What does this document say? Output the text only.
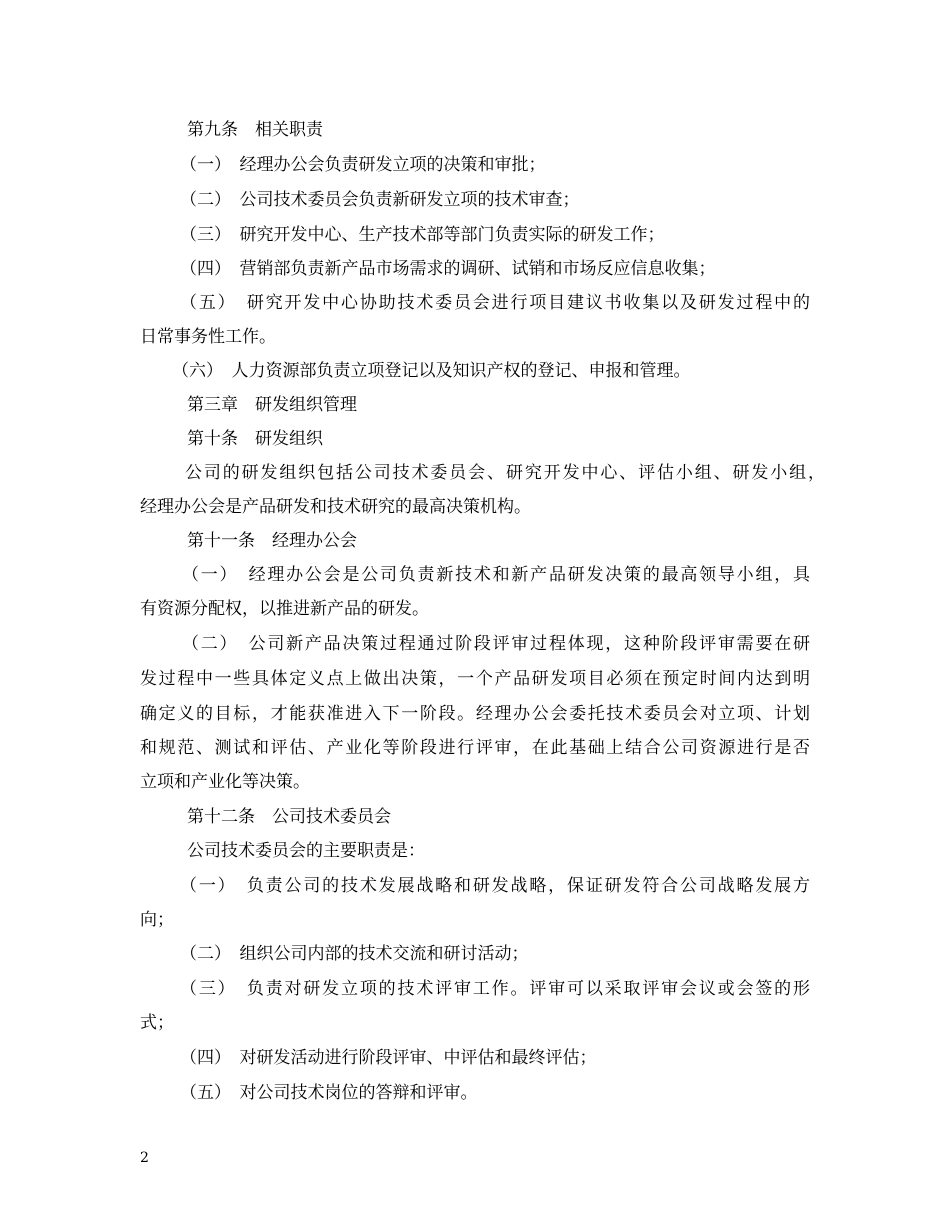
第九条　相关职责
（一）　经理办公会负责研发立项的决策和审批；
（二）　公司技术委员会负责新研发立项的技术审查；
（三）　研究开发中心、生产技术部等部门负责实际的研发工作；
（四）　营销部负责新产品市场需求的调研、试销和市场反应信息收集；
（五）　研究开发中心协助技术委员会进行项目建议书收集以及研发过程中的
日常事务性工作。
（六）　人力资源部负责立项登记以及知识产权的登记、申报和管理。
第三章　研发组织管理
第十条　研发组织
公司的研发组织包括公司技术委员会、研究开发中心、评估小组、研发小组，
经理办公会是产品研发和技术研究的最高决策机构。
第十一条　经理办公会
（一）　经理办公会是公司负责新技术和新产品研发决策的最高领导小组，具
有资源分配权，以推进新产品的研发。
（二）　公司新产品决策过程通过阶段评审过程体现，这种阶段评审需要在研
发过程中一些具体定义点上做出决策，一个产品研发项目必须在预定时间内达到明
确定义的目标，才能获准进入下一阶段。经理办公会委托技术委员会对立项、计划
和规范、测试和评估、产业化等阶段进行评审，在此基础上结合公司资源进行是否
立项和产业化等决策。
第十二条　公司技术委员会
公司技术委员会的主要职责是：
（一）　负责公司的技术发展战略和研发战略，保证研发符合公司战略发展方
向；
（二）　组织公司内部的技术交流和研讨活动；
（三）　负责对研发立项的技术评审工作。评审可以采取评审会议或会签的形
式；
（四）　对研发活动进行阶段评审、中评估和最终评估；
（五）　对公司技术岗位的答辩和评审。
2
